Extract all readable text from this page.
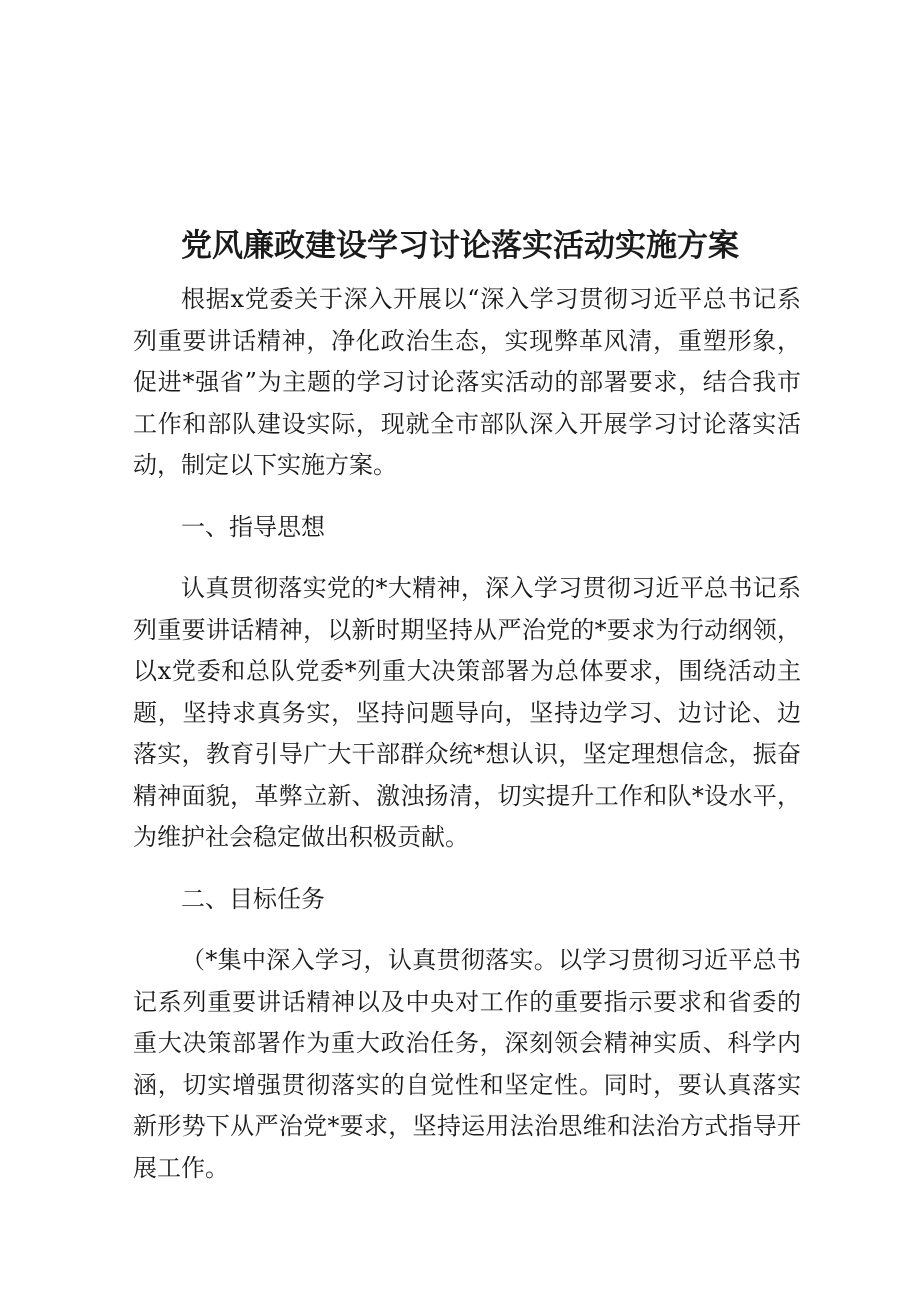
党风廉政建设学习讨论落实活动实施方案

根据x党委关于深入开展以“深入学习贯彻习近平总书记系列重要讲话精神，净化政治生态，实现弊革风清，重塑形象，促进*强省”为主题的学习讨论落实活动的部署要求，结合我市工作和部队建设实际，现就全市部队深入开展学习讨论落实活动，制定以下实施方案。

一、指导思想

认真贯彻落实党的*大精神，深入学习贯彻习近平总书记系列重要讲话精神，以新时期坚持从严治党的*要求为行动纲领，以x党委和总队党委*列重大决策部署为总体要求，围绕活动主题，坚持求真务实，坚持问题导向，坚持边学习、边讨论、边落实，教育引导广大干部群众统*想认识，坚定理想信念，振奋精神面貌，革弊立新、激浊扬清，切实提升工作和队*设水平，为维护社会稳定做出积极贡献。

二、目标任务

（*集中深入学习，认真贯彻落实。以学习贯彻习近平总书记系列重要讲话精神以及中央对工作的重要指示要求和省委的重大决策部署作为重大政治任务，深刻领会精神实质、科学内涵，切实增强贯彻落实的自觉性和坚定性。同时，要认真落实新形势下从严治党*要求，坚持运用法治思维和法治方式指导开展工作。
